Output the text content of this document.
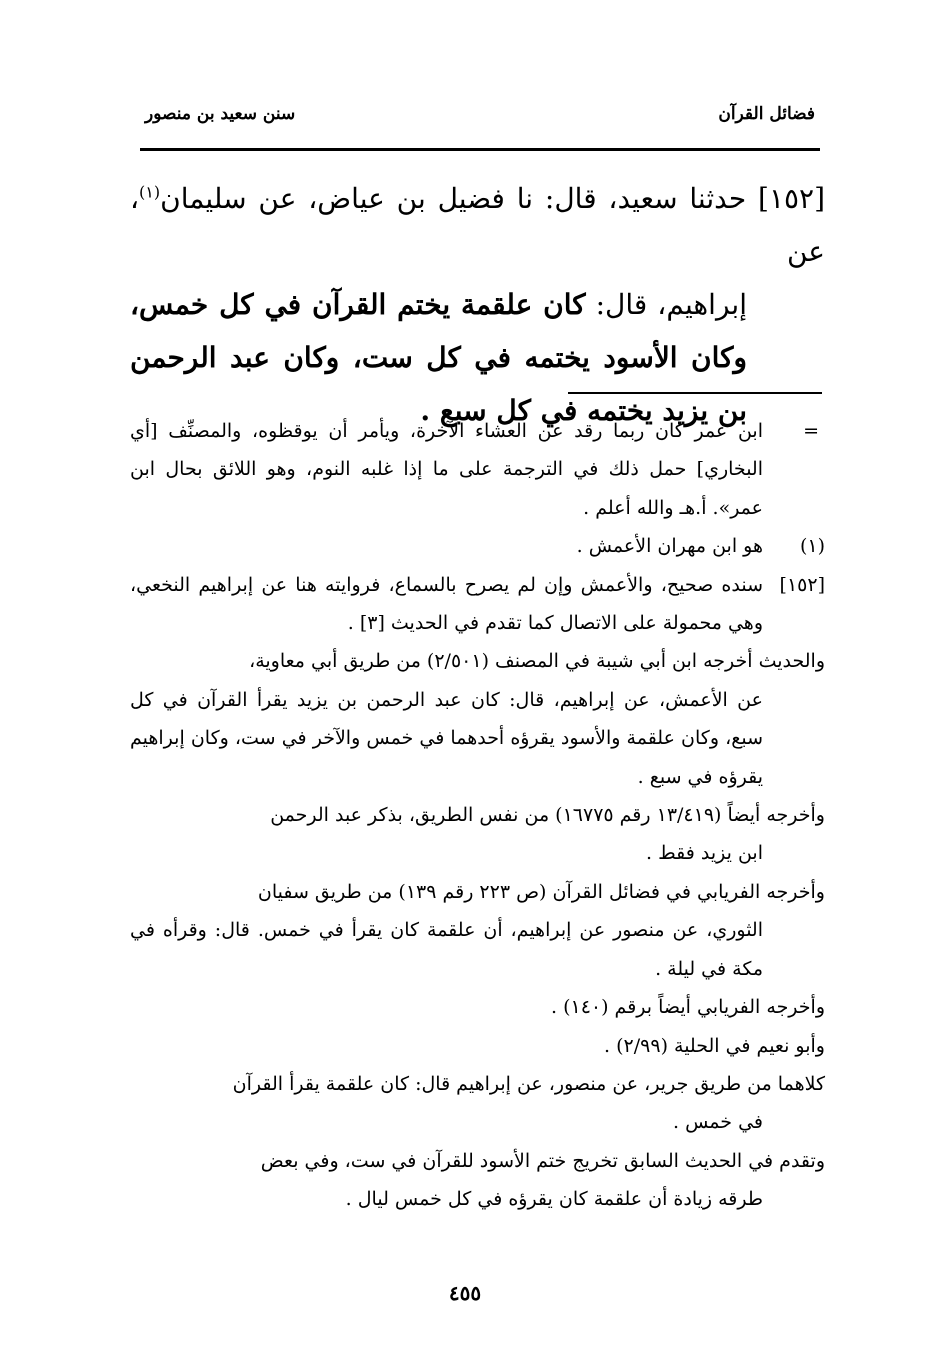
فضائل القرآن
سنن سعيد بن منصور
[١٥٢] حدثنا سعيد، قال: نا فضيل بن عياض، عن سليمان$^{(١)}$، عن
إبراهيم، قال: كان علقمة يختم القرآن في كل خمس، وكان الأسود يختمه في كل ست، وكان عبد الرحمن بن يزيد يختمه في كل سبع .
=
ابن عمر كان ربما رقد عن العشاء الآخرة، ويأمر أن يوقظوه، والمصنِّف [أي البخاري] حمل ذلك في الترجمة على ما إذا غلبه النوم، وهو اللائق بحال ابن عمر». أ.هـ والله أعلم .
(١)
هو ابن مهران الأعمش .
[١٥٢]
سنده صحيح، والأعمش وإن لم يصرح بالسماع، فروايته هنا عن إبراهيم النخعي، وهي محمولة على الاتصال كما تقدم في الحديث [٣] .
والحديث أخرجه ابن أبي شيبة في المصنف (٢/٥٠١) من طريق أبي معاوية،
عن الأعمش، عن إبراهيم، قال: كان عبد الرحمن بن يزيد يقرأ القرآن في كل سبع، وكان علقمة والأسود يقرؤه أحدهما في خمس والآخر في ست، وكان إبراهيم يقرؤه في سبع .
وأخرجه أيضاً (١٣/٤١٩ رقم ١٦٧٧٥) من نفس الطريق، بذكر عبد الرحمن
ابن يزيد فقط .
وأخرجه الفريابي في فضائل القرآن (ص ٢٢٣ رقم ١٣٩) من طريق سفيان
الثوري، عن منصور عن إبراهيم، أن علقمة كان يقرأ في خمس. قال: وقرأه في مكة في ليلة .
وأخرجه الفريابي أيضاً برقم (١٤٠) .
وأبو نعيم في الحلية (٢/٩٩) .
كلاهما من طريق جرير، عن منصور، عن إبراهيم قال: كان علقمة يقرأ القرآن
في خمس .
وتقدم في الحديث السابق تخريج ختم الأسود للقرآن في ست، وفي بعض
طرقه زيادة أن علقمة كان يقرؤه في كل خمس ليال .
٤٥٥
